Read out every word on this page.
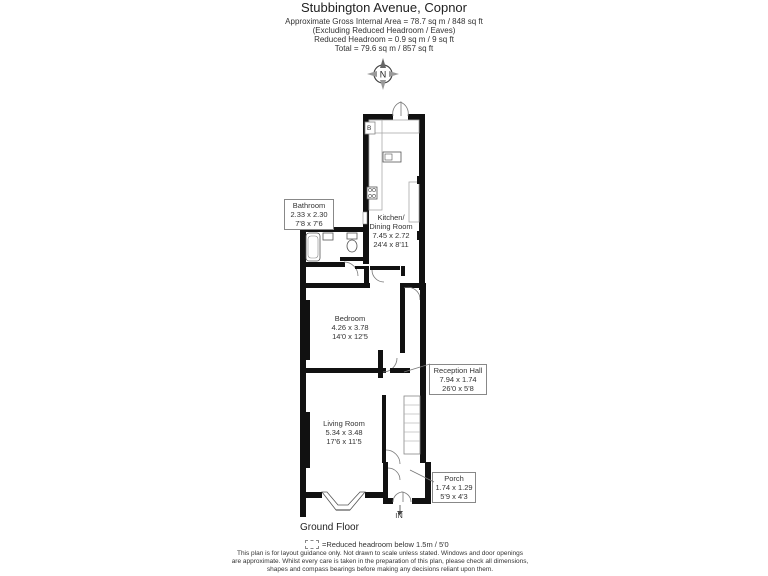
Stubbington Avenue, Copnor
Approximate Gross Internal Area = 78.7 sq m / 848 sq ft
(Excluding Reduced Headroom / Eaves)
Reduced Headroom = 0.9 sq m / 9 sq ft
Total = 79.6 sq m / 857 sq ft
N
B
Kitchen/
Dining Room
7.45 x 2.72
24'4 x 8'11
Bathroom
2.33 x 2.30
7'8 x 7'6
Bedroom
4.26 x 3.78
14'0 x 12'5
Reception Hall
7.94 x 1.74
26'0 x 5'8
Living Room
5.34 x 3.48
17'6 x 11'5
Porch
1.74 x 1.29
5'9 x 4'3
IN
Ground Floor
=Reduced headroom below 1.5m / 5'0
This plan is for layout guidance only. Not drawn to scale unless stated. Windows and door openings
are approximate. Whilst every care is taken in the preparation of this plan, please check all dimensions,
shapes and compass bearings before making any decisions reliant upon them.
